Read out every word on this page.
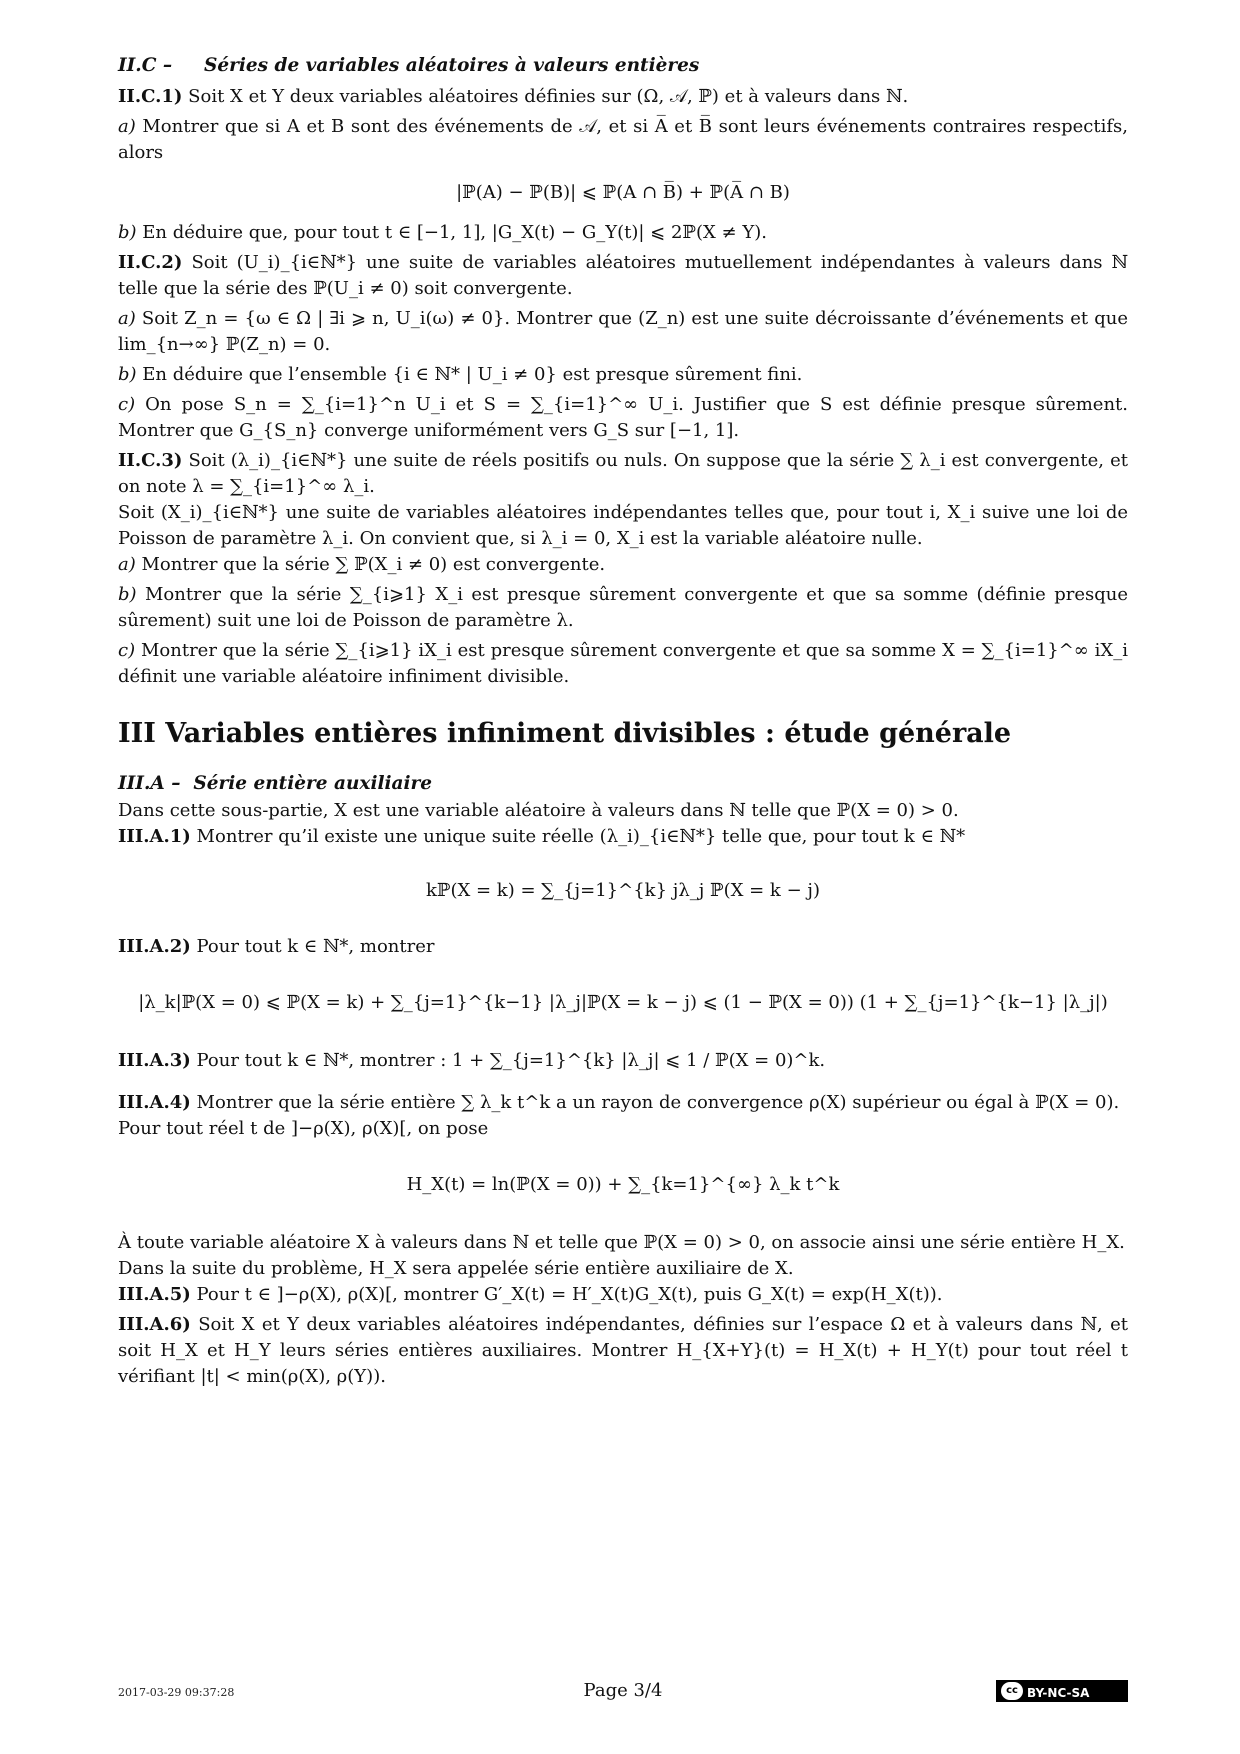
II.C – Séries de variables aléatoires à valeurs entières

II.C.1) Soit X et Y deux variables aléatoires définies sur (Ω, 𝒜, ℙ) et à valeurs dans ℕ.

a) Montrer que si A et B sont des événements de 𝒜, et si A̅ et B̅ sont leurs événements contraires respectifs, alors

|ℙ(A) − ℙ(B)| ⩽ ℙ(A ∩ B̅) + ℙ(A̅ ∩ B)

b) En déduire que, pour tout t ∈ [−1, 1], |G_X(t) − G_Y(t)| ⩽ 2ℙ(X ≠ Y).

II.C.2) Soit (U_i)_{i∈ℕ*} une suite de variables aléatoires mutuellement indépendantes à valeurs dans ℕ telle que la série des ℙ(U_i ≠ 0) soit convergente.

a) Soit Z_n = {ω ∈ Ω | ∃i ⩾ n, U_i(ω) ≠ 0}. Montrer que (Z_n) est une suite décroissante d’événements et que lim_{n→∞} ℙ(Z_n) = 0.

b) En déduire que l’ensemble {i ∈ ℕ* | U_i ≠ 0} est presque sûrement fini.

c) On pose S_n = ∑_{i=1}^n U_i et S = ∑_{i=1}^∞ U_i. Justifier que S est définie presque sûrement. Montrer que G_{S_n} converge uniformément vers G_S sur [−1, 1].

II.C.3) Soit (λ_i)_{i∈ℕ*} une suite de réels positifs ou nuls. On suppose que la série ∑ λ_i est convergente, et on note λ = ∑_{i=1}^∞ λ_i.

Soit (X_i)_{i∈ℕ*} une suite de variables aléatoires indépendantes telles que, pour tout i, X_i suive une loi de Poisson de paramètre λ_i. On convient que, si λ_i = 0, X_i est la variable aléatoire nulle.

a) Montrer que la série ∑ ℙ(X_i ≠ 0) est convergente.

b) Montrer que la série ∑_{i⩾1} X_i est presque sûrement convergente et que sa somme (définie presque sûrement) suit une loi de Poisson de paramètre λ.

c) Montrer que la série ∑_{i⩾1} iX_i est presque sûrement convergente et que sa somme X = ∑_{i=1}^∞ iX_i définit une variable aléatoire infiniment divisible.

III Variables entières infiniment divisibles : étude générale
III.A – Série entière auxiliaire

Dans cette sous-partie, X est une variable aléatoire à valeurs dans ℕ telle que ℙ(X = 0) > 0.

III.A.1) Montrer qu’il existe une unique suite réelle (λ_i)_{i∈ℕ*} telle que, pour tout k ∈ ℕ*

kℙ(X = k) = ∑_{j=1}^{k} jλ_j ℙ(X = k − j)

III.A.2) Pour tout k ∈ ℕ*, montrer

|λ_k|ℙ(X = 0) ⩽ ℙ(X = k) + ∑_{j=1}^{k−1} |λ_j|ℙ(X = k − j) ⩽ (1 − ℙ(X = 0)) (1 + ∑_{j=1}^{k−1} |λ_j|)

III.A.3) Pour tout k ∈ ℕ*, montrer : 1 + ∑_{j=1}^{k} |λ_j| ⩽ 1 / ℙ(X = 0)^k.

III.A.4) Montrer que la série entière ∑ λ_k t^k a un rayon de convergence ρ(X) supérieur ou égal à ℙ(X = 0).

Pour tout réel t de ]−ρ(X), ρ(X)[, on pose

H_X(t) = ln(ℙ(X = 0)) + ∑_{k=1}^{∞} λ_k t^k

À toute variable aléatoire X à valeurs dans ℕ et telle que ℙ(X = 0) > 0, on associe ainsi une série entière H_X.

Dans la suite du problème, H_X sera appelée série entière auxiliaire de X.

III.A.5) Pour t ∈ ]−ρ(X), ρ(X)[, montrer G′_X(t) = H′_X(t)G_X(t), puis G_X(t) = exp(H_X(t)).

III.A.6) Soit X et Y deux variables aléatoires indépendantes, définies sur l’espace Ω et à valeurs dans ℕ, et soit H_X et H_Y leurs séries entières auxiliaires. Montrer H_{X+Y}(t) = H_X(t) + H_Y(t) pour tout réel t vérifiant |t| < min(ρ(X), ρ(Y)).

2017-03-29 09:37:28	Page 3/4	cc BY-NC-SA
